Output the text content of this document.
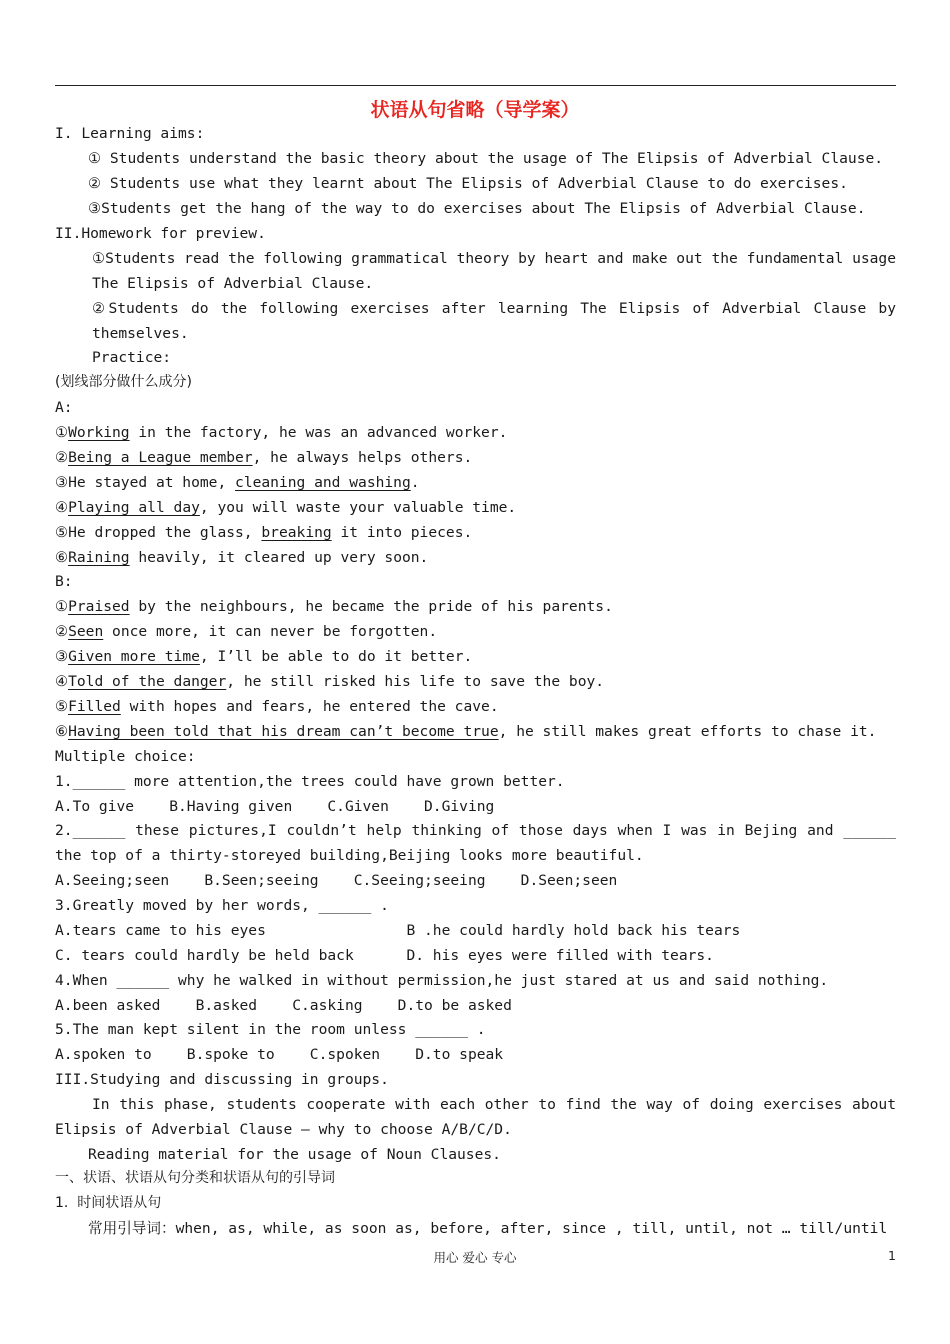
状语从句省略（导学案）
I. Learning aims:
① Students understand the basic theory about the usage of The Elipsis of Adverbial Clause.
② Students use what they learnt about The Elipsis of Adverbial Clause to do exercises.
③Students get the hang of the way to do exercises about The Elipsis of Adverbial Clause.
II.Homework for preview.
①Students read the following grammatical theory by heart and make out the fundamental usage
The Elipsis of Adverbial Clause.
②Students do the following exercises after learning The Elipsis of Adverbial Clause by
themselves.
Practice:
(划线部分做什么成分)
A:
①Working in the factory, he was an advanced worker.
②Being a League member, he always helps others.
③He stayed at home, cleaning and washing.
④Playing all day, you will waste your valuable time.
⑤He dropped the glass, breaking it into pieces.
⑥Raining heavily, it cleared up very soon.
B:
①Praised by the neighbours, he became the pride of his parents.
②Seen once more, it can never be forgotten.
③Given more time, I’ll be able to do it better.
④Told of the danger, he still risked his life to save the boy.
⑤Filled with hopes and fears, he entered the cave.
⑥Having been told that his dream can’t become true, he still makes great efforts to chase it.
Multiple choice:
1.______ more attention,the trees could have grown better.
A.To give    B.Having given    C.Given    D.Giving
2.______ these pictures,I couldn’t help thinking of those days when I was in Bejing and ______
the top of a thirty-storeyed building,Beijing looks more beautiful.
A.Seeing;seen    B.Seen;seeing    C.Seeing;seeing    D.Seen;seen
3.Greatly moved by her words, ______ .
A.tears came to his eyes                B .he could hardly hold back his tears
C. tears could hardly be held back      D. his eyes were filled with tears.
4.When ______ why he walked in without permission,he just stared at us and said nothing.
A.been asked    B.asked    C.asking    D.to be asked
5.The man kept silent in the room unless ______ .
A.spoken to    B.spoke to    C.spoken    D.to speak
III.Studying and discussing in groups.
In this phase, students cooperate with each other to find the way of doing exercises about
Elipsis of Adverbial Clause — why to choose A/B/C/D.
Reading material for the usage of Noun Clauses.
一、状语、状语从句分类和状语从句的引导词
1.  时间状语从句
常用引导词：when, as, while, as soon as, before, after, since , till, until, not … till/until
用心 爱心 专心	1
